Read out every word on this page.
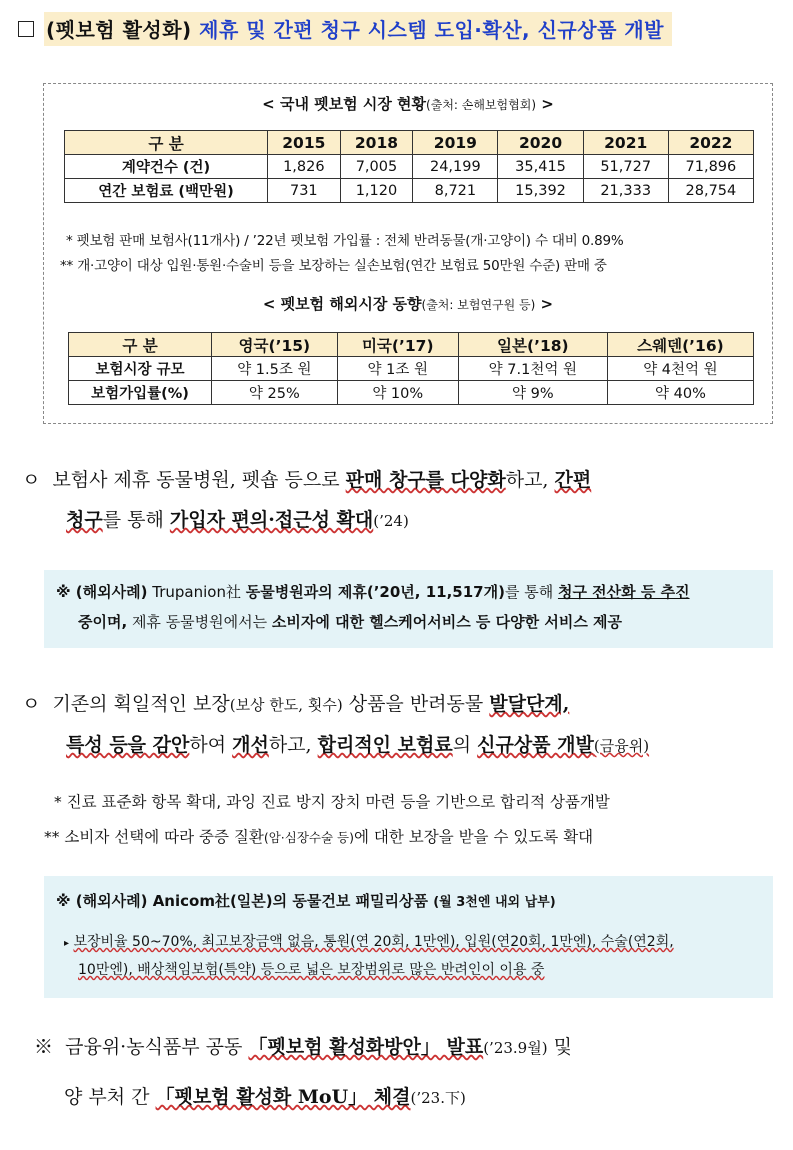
(펫보험 활성화) 제휴 및 간편 청구 시스템 도입·확산, 신규상품 개발
< 국내 펫보험 시장 현황(출처: 손해보험협회) >
구 분	2015	2018	2019	2020	2021	2022
계약건수 (건)	1,826	7,005	24,199	35,415	51,727	71,896
연간 보험료 (백만원)	731	1,120	8,721	15,392	21,333	28,754
* 펫보험 판매 보험사(11개사) / ’22년 펫보험 가입률 : 전체 반려동물(개·고양이) 수 대비 0.89%
** 개·고양이 대상 입원·통원·수술비 등을 보장하는 실손보험(연간 보험료 50만원 수준) 판매 중
< 펫보험 해외시장 동향(출처: 보험연구원 등) >
구 분	영국(’15)	미국(’17)	일본(’18)	스웨덴(’16)
보험시장 규모	약 1.5조 원	약 1조 원	약 7.1천억 원	약 4천억 원
보험가입률(%)	약 25%	약 10%	약 9%	약 40%
ㅇ 보험사 제휴 동물병원, 펫숍 등으로 판매 창구를 다양화하고, 간편
청구를 통해 가입자 편의·접근성 확대(’24)
※ (해외사례) Trupanion社 동물병원과의 제휴(’20년, 11,517개)를 통해 청구 전산화 등 추진
중이며, 제휴 동물병원에서는 소비자에 대한 헬스케어서비스 등 다양한 서비스 제공
ㅇ 기존의 획일적인 보장(보상 한도, 횟수) 상품을 반려동물 발달단계,
특성 등을 감안하여 개선하고, 합리적인 보험료의 신규상품 개발(금융위)
* 진료 표준화 항목 확대, 과잉 진료 방지 장치 마련 등을 기반으로 합리적 상품개발
** 소비자 선택에 따라 중증 질환(암·심장수술 등)에 대한 보장을 받을 수 있도록 확대
※ (해외사례) Anicom社(일본)의 동물건보 패밀리상품 (월 3천엔 내외 납부)
▸ 보장비율 50~70%, 최고보장금액 없음, 통원(연 20회, 1만엔), 입원(연20회, 1만엔), 수술(연2회,
10만엔), 배상책임보험(특약) 등으로 넓은 보장범위로 많은 반려인이 이용 중
※ 금융위·농식품부 공동 「펫보험 활성화방안」 발표(’23.9월) 및
양 부처 간 「펫보험 활성화 MoU」 체결(’23.下)
